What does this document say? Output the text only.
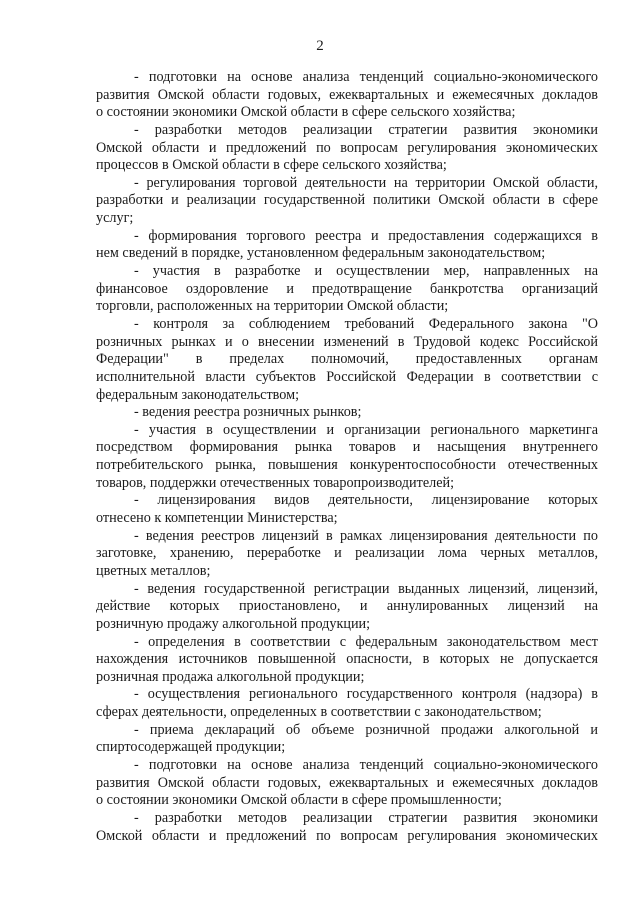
2
- подготовки на основе анализа тенденций социально-экономического
развития Омской области годовых, ежеквартальных и ежемесячных докладов
о состоянии экономики Омской области в сфере сельского хозяйства;
- разработки методов реализации стратегии развития экономики
Омской области и предложений по вопросам регулирования экономических
процессов в Омской области в сфере сельского хозяйства;
- регулирования торговой деятельности на территории Омской области,
разработки и реализации государственной политики Омской области в сфере
услуг;
- формирования торгового реестра и предоставления содержащихся в
нем сведений в порядке, установленном федеральным законодательством;
- участия в разработке и осуществлении мер, направленных на
финансовое оздоровление и предотвращение банкротства организаций
торговли, расположенных на территории Омской области;
- контроля за соблюдением требований Федерального закона "О
розничных рынках и о внесении изменений в Трудовой кодекс Российской
Федерации" в пределах полномочий, предоставленных органам
исполнительной власти субъектов Российской Федерации в соответствии с
федеральным законодательством;
- ведения реестра розничных рынков;
- участия в осуществлении и организации регионального маркетинга
посредством формирования рынка товаров и насыщения внутреннего
потребительского рынка, повышения конкурентоспособности отечественных
товаров, поддержки отечественных товаропроизводителей;
- лицензирования видов деятельности, лицензирование которых
отнесено к компетенции Министерства;
- ведения реестров лицензий в рамках лицензирования деятельности по
заготовке, хранению, переработке и реализации лома черных металлов,
цветных металлов;
- ведения государственной регистрации выданных лицензий, лицензий,
действие которых приостановлено, и аннулированных лицензий на
розничную продажу алкогольной продукции;
- определения в соответствии с федеральным законодательством мест
нахождения источников повышенной опасности, в которых не допускается
розничная продажа алкогольной продукции;
- осуществления регионального государственного контроля (надзора) в
сферах деятельности, определенных в соответствии с законодательством;
- приема деклараций об объеме розничной продажи алкогольной и
спиртосодержащей продукции;
- подготовки на основе анализа тенденций социально-экономического
развития Омской области годовых, ежеквартальных и ежемесячных докладов
о состоянии экономики Омской области в сфере промышленности;
- разработки методов реализации стратегии развития экономики
Омской области и предложений по вопросам регулирования экономических
